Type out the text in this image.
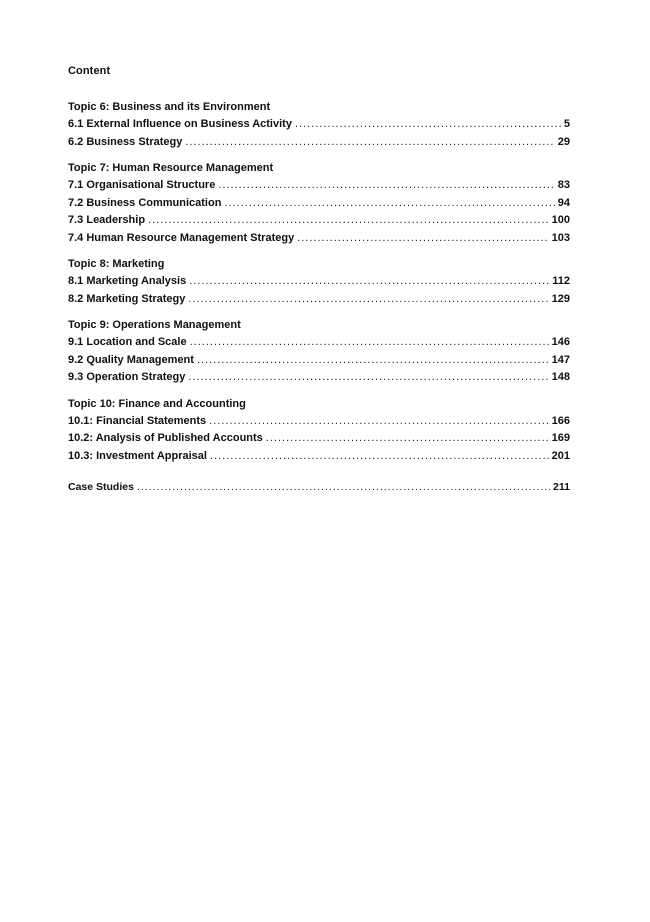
Content
Topic 6: Business and its Environment
6.1 External Influence on Business Activity .....	5
6.2 Business Strategy .....	29
Topic 7: Human Resource Management
7.1 Organisational Structure .....	83
7.2 Business Communication .....	94
7.3 Leadership .....	100
7.4 Human Resource Management Strategy .....	103
Topic 8: Marketing
8.1 Marketing Analysis .....	112
8.2 Marketing Strategy .....	129
Topic 9: Operations Management
9.1 Location and Scale .....	146
9.2 Quality Management .....	147
9.3 Operation Strategy .....	148
Topic 10: Finance and Accounting
10.1: Financial Statements .....	166
10.2: Analysis of Published Accounts .....	169
10.3: Investment Appraisal .....	201
Case Studies .....	211
